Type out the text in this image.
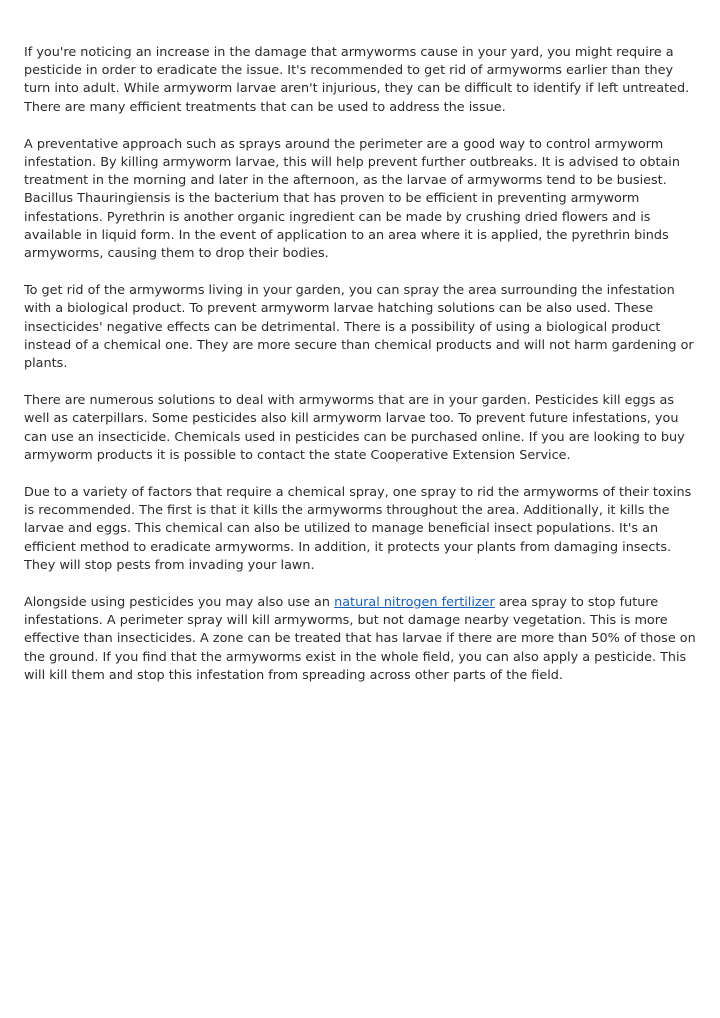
If you're noticing an increase in the damage that armyworms cause in your yard, you might require a pesticide in order to eradicate the issue. It's recommended to get rid of armyworms earlier than they turn into adult. While armyworm larvae aren't injurious, they can be difficult to identify if left untreated. There are many efficient treatments that can be used to address the issue.

A preventative approach such as sprays around the perimeter are a good way to control armyworm infestation. By killing armyworm larvae, this will help prevent further outbreaks. It is advised to obtain treatment in the morning and later in the afternoon, as the larvae of armyworms tend to be busiest. Bacillus Thauringiensis is the bacterium that has proven to be efficient in preventing armyworm infestations. Pyrethrin is another organic ingredient can be made by crushing dried flowers and is available in liquid form. In the event of application to an area where it is applied, the pyrethrin binds armyworms, causing them to drop their bodies.

To get rid of the armyworms living in your garden, you can spray the area surrounding the infestation with a biological product. To prevent armyworm larvae hatching solutions can be also used. These insecticides' negative effects can be detrimental. There is a possibility of using a biological product instead of a chemical one. They are more secure than chemical products and will not harm gardening or plants.

There are numerous solutions to deal with armyworms that are in your garden. Pesticides kill eggs as well as caterpillars. Some pesticides also kill armyworm larvae too. To prevent future infestations, you can use an insecticide. Chemicals used in pesticides can be purchased online. If you are looking to buy armyworm products it is possible to contact the state Cooperative Extension Service.

Due to a variety of factors that require a chemical spray, one spray to rid the armyworms of their toxins is recommended. The first is that it kills the armyworms throughout the area. Additionally, it kills the larvae and eggs. This chemical can also be utilized to manage beneficial insect populations. It's an efficient method to eradicate armyworms. In addition, it protects your plants from damaging insects. They will stop pests from invading your lawn.

Alongside using pesticides you may also use an natural nitrogen fertilizer area spray to stop future infestations. A perimeter spray will kill armyworms, but not damage nearby vegetation. This is more effective than insecticides. A zone can be treated that has larvae if there are more than 50% of those on the ground. If you find that the armyworms exist in the whole field, you can also apply a pesticide. This will kill them and stop this infestation from spreading across other parts of the field.
